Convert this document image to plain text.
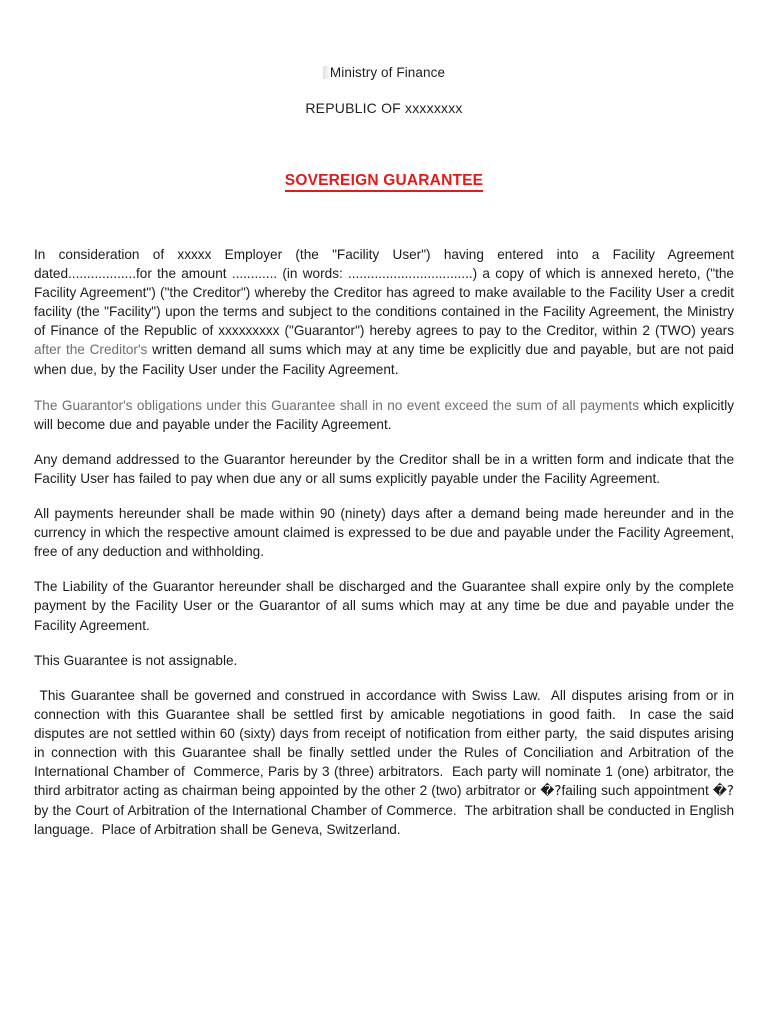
Ministry of Finance
REPUBLIC OF xxxxxxxx
SOVEREIGN GUARANTEE

In consideration of xxxxx Employer (the "Facility User") having entered into a Facility Agreement dated..................for the amount ............ (in words: .................................) a copy of which is annexed hereto, ("the Facility Agreement") ("the Creditor") whereby the Creditor has agreed to make available to the Facility User a credit facility (the "Facility") upon the terms and subject to the conditions contained in the Facility Agreement, the Ministry of Finance of the Republic of xxxxxxxxx ("Guarantor") hereby agrees to pay to the Creditor, within 2 (TWO) years after the Creditor's written demand all sums which may at any time be explicitly due and payable, but are not paid when due, by the Facility User under the Facility Agreement.

The Guarantor's obligations under this Guarantee shall in no event exceed the sum of all payments which explicitly will become due and payable under the Facility Agreement.

Any demand addressed to the Guarantor hereunder by the Creditor shall be in a written form and indicate that the Facility User has failed to pay when due any or all sums explicitly payable under the Facility Agreement.

All payments hereunder shall be made within 90 (ninety) days after a demand being made hereunder and in the currency in which the respective amount claimed is expressed to be due and payable under the Facility Agreement, free of any deduction and withholding.

The Liability of the Guarantor hereunder shall be discharged and the Guarantee shall expire only by the complete payment by the Facility User or the Guarantor of all sums which may at any time be due and payable under the Facility Agreement.

This Guarantee is not assignable.

This Guarantee shall be governed and construed in accordance with Swiss Law.  All disputes arising from or in connection with this Guarantee shall be settled first by amicable negotiations in good faith.  In case the said disputes are not settled within 60 (sixty) days from receipt of notification from either party,  the said disputes arising in connection with this Guarantee shall be finally settled under the Rules of Conciliation and Arbitration of the International Chamber of  Commerce, Paris by 3 (three) arbitrators.  Each party will nominate 1 (one) arbitrator, the third arbitrator acting as chairman being appointed by the other 2 (two) arbitrator or �?failing such appointment �?by the Court of Arbitration of the International Chamber of Commerce.  The arbitration shall be conducted in English language.  Place of Arbitration shall be Geneva, Switzerland.
